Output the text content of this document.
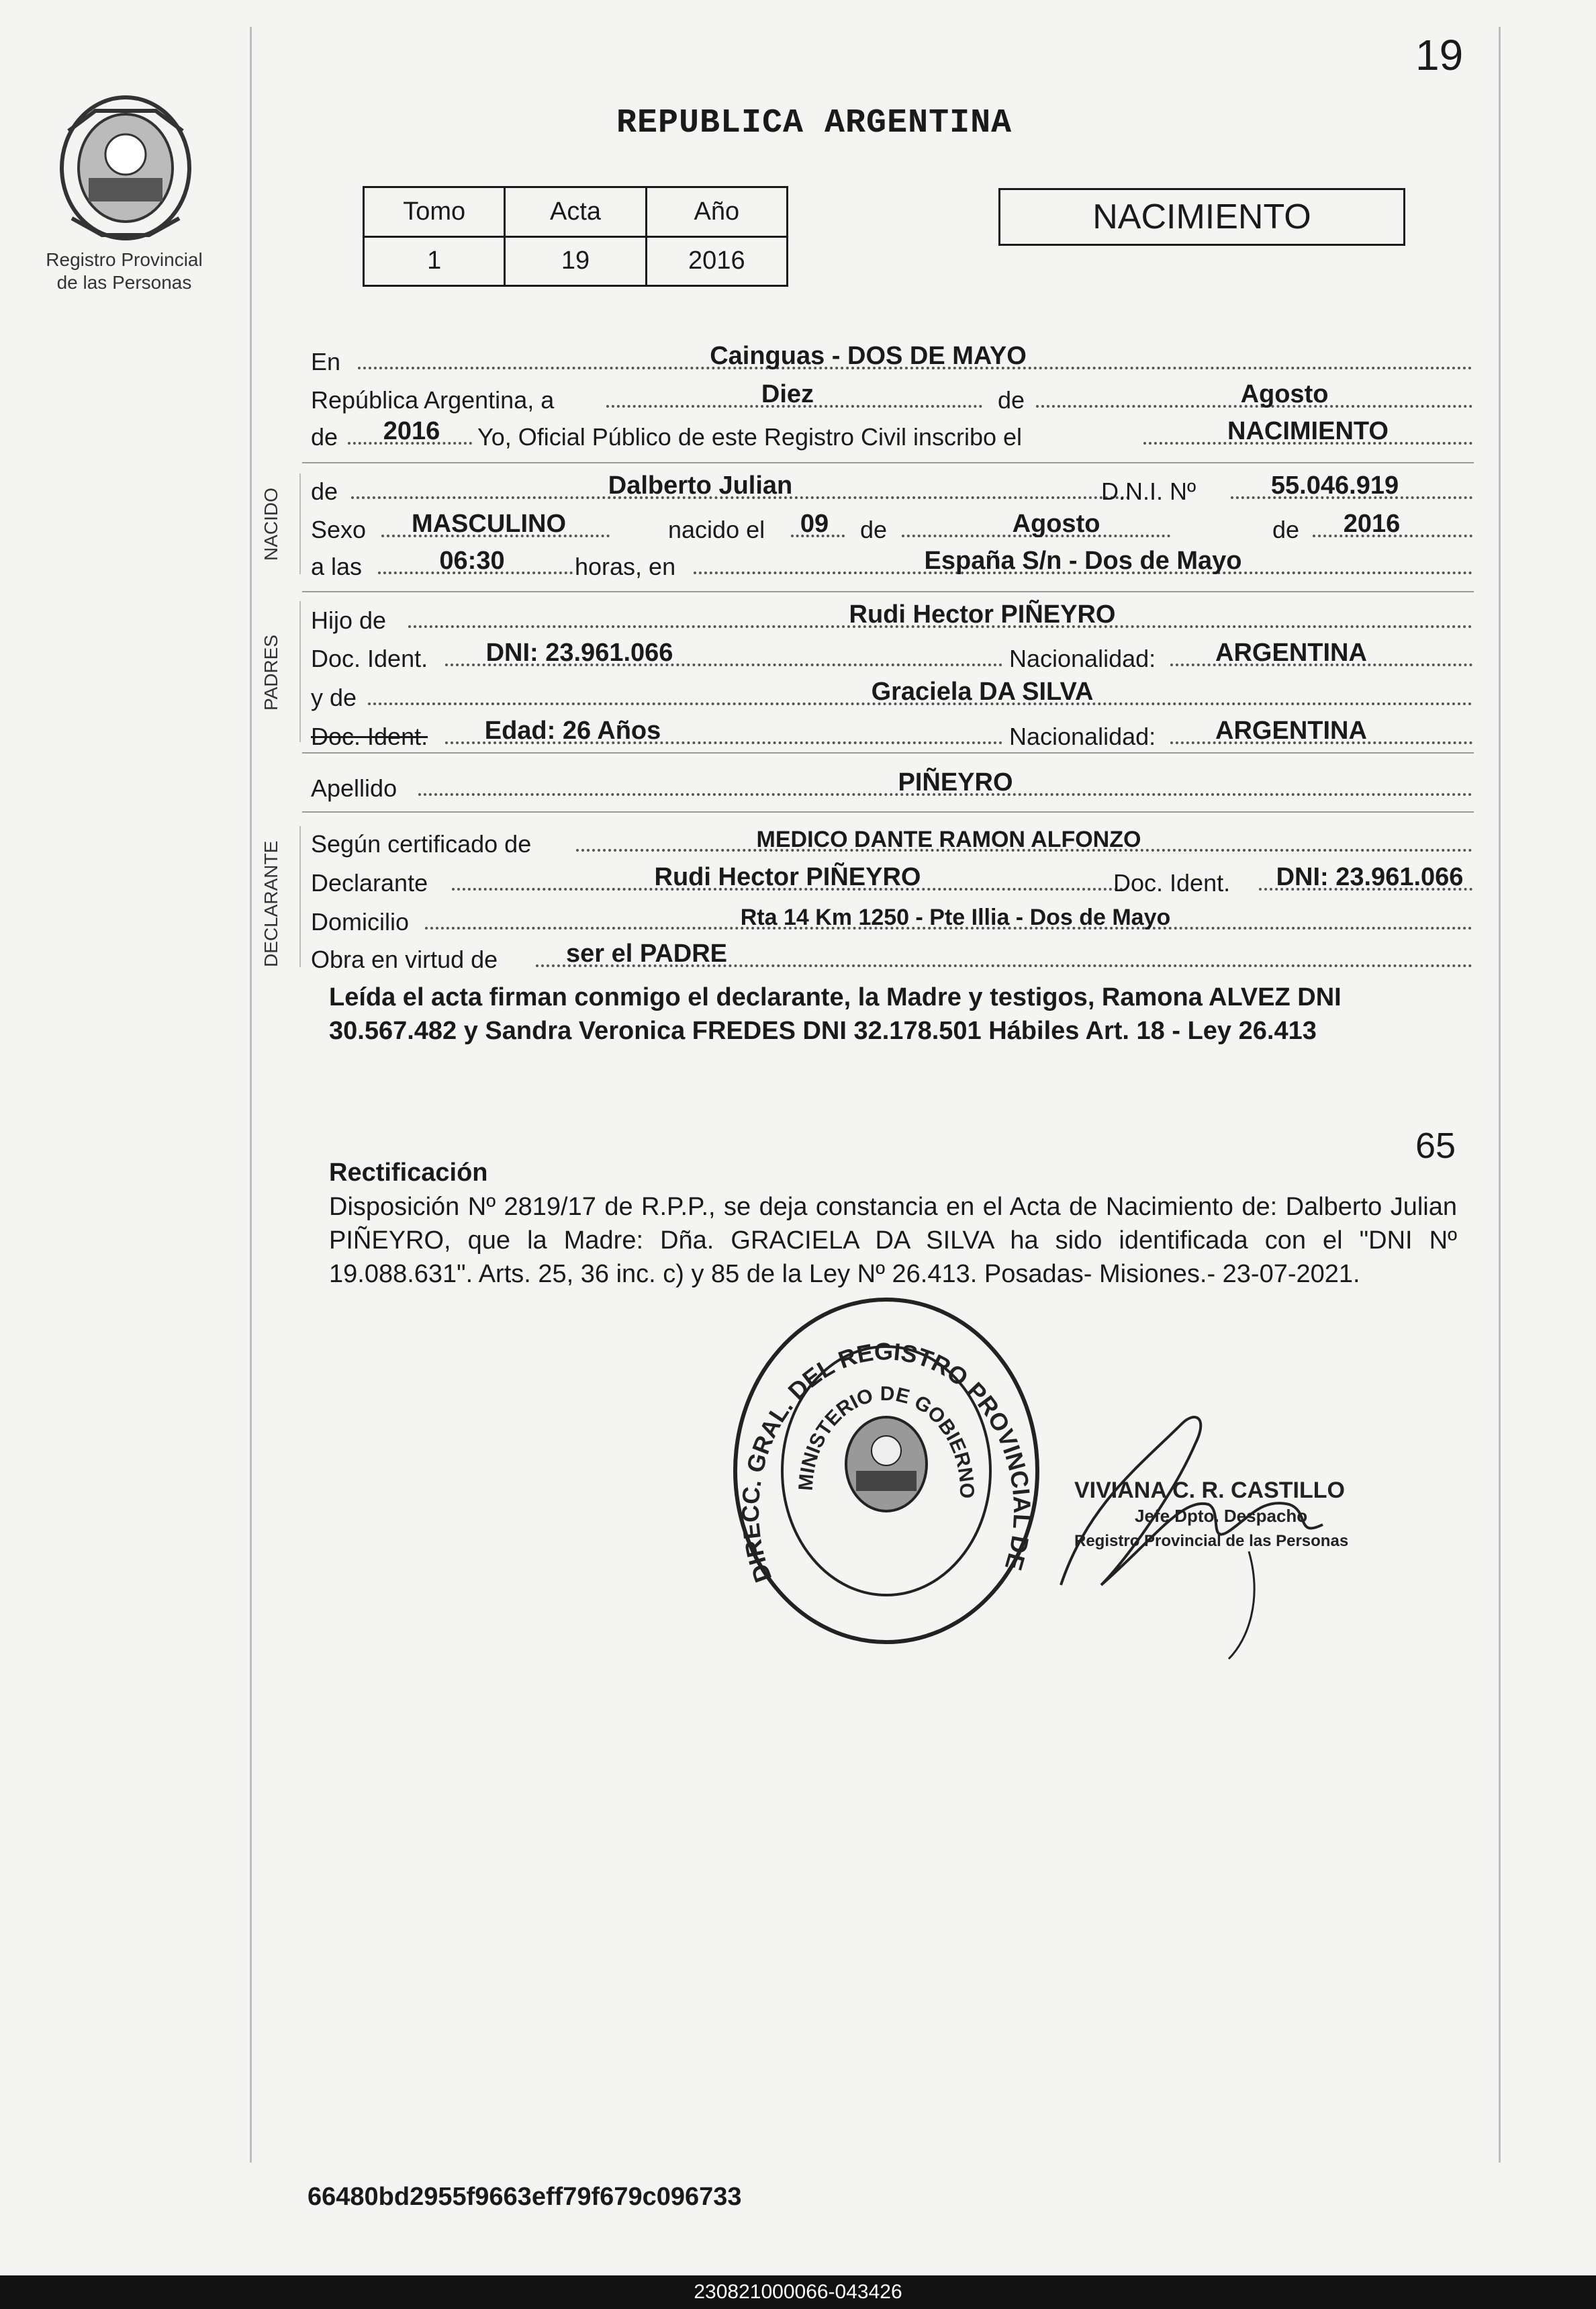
19
Registro Provincial
de las Personas
REPUBLICA ARGENTINA
Tomo	Acta	Año
1	19	2016
NACIMIENTO
NACIDO
PADRES
DECLARANTE
En	Cainguas - DOS DE MAYO
República Argentina, a	Diez	de	Agosto
de	2016	Yo, Oficial Público de este Registro Civil inscribo el	NACIMIENTO
de	Dalberto Julian	D.N.I. Nº	55.046.919
Sexo	MASCULINO	nacido el	09	de	Agosto	de	2016
a las	06:30	horas, en	España S/n - Dos de Mayo
Hijo de	Rudi Hector PIÑEYRO
Doc. Ident.	DNI: 23.961.066	Nacionalidad:	ARGENTINA
y de	Graciela DA SILVA
Doc. Ident.	Edad: 26 Años	Nacionalidad:	ARGENTINA
Apellido	PIÑEYRO
Según certificado de	MEDICO DANTE RAMON ALFONZO
Declarante	Rudi Hector PIÑEYRO	Doc. Ident.	DNI: 23.961.066
Domicilio	Rta 14 Km 1250 - Pte Illia - Dos de Mayo
Obra en virtud de	ser el PADRE
Leída el acta firman conmigo el declarante, la Madre y testigos, Ramona ALVEZ DNI 30.567.482 y Sandra Veronica FREDES DNI 32.178.501 Hábiles Art. 18 - Ley 26.413
65
Rectificación
Disposición Nº 2819/17 de R.P.P., se deja constancia en el Acta de Nacimiento de: Dalberto Julian PIÑEYRO, que la Madre: Dña. GRACIELA DA SILVA ha sido identificada con el "DNI Nº 19.088.631". Arts. 25, 36 inc. c) y 85 de la Ley Nº 26.413. Posadas- Misiones.- 23-07-2021.
DIRECC. GRAL. DEL REGISTRO PROVINCIAL DE
MINISTERIO DE GOBIERNO	VIVIANA C. R. CASTILLO
Jefe Dpto. Despacho
Registro Provincial de las Personas
66480bd2955f9663eff79f679c096733
230821000066-043426
